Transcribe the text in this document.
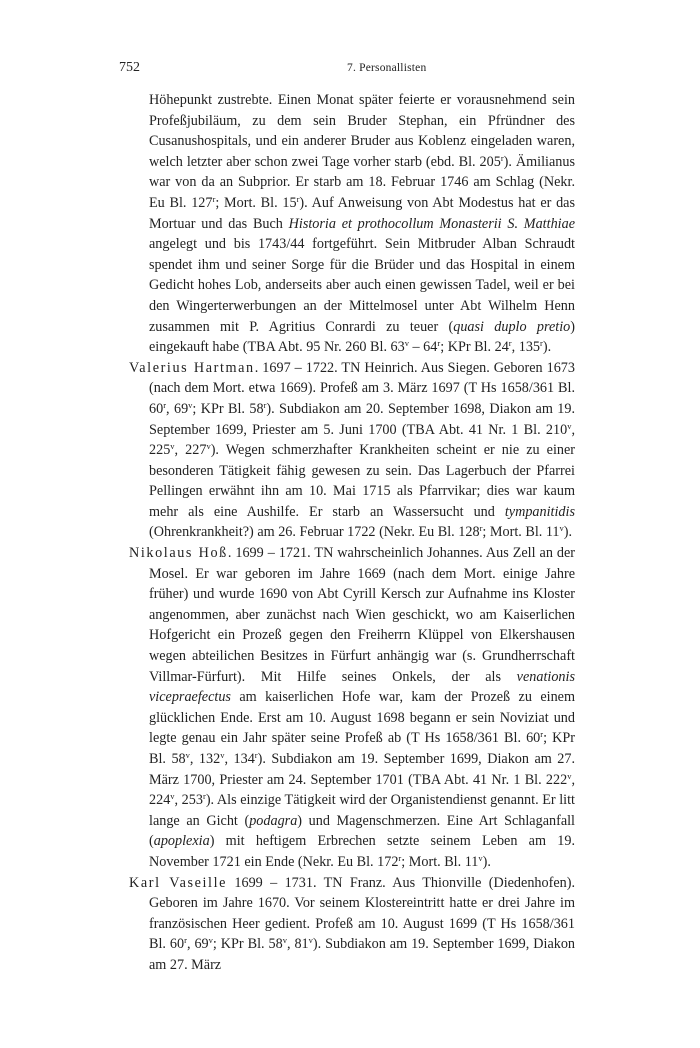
752	7. Personallisten

Höhepunkt zustrebte. Einen Monat später feierte er vorausnehmend sein Profeßjubiläum, zu dem sein Bruder Stephan, ein Pfründner des Cusanushospitals, und ein anderer Bruder aus Koblenz eingeladen waren, welch letzter aber schon zwei Tage vorher starb (ebd. Bl. 205$^r$). Ämilianus war von da an Subprior. Er starb am 18. Februar 1746 am Schlag (Nekr. Eu Bl. 127$^r$; Mort. Bl. 15$^r$). Auf Anweisung von Abt Modestus hat er das Mortuar und das Buch Historia et prothocollum Monasterii S. Matthiae angelegt und bis 1743/44 fortgeführt. Sein Mitbruder Alban Schraudt spendet ihm und seiner Sorge für die Brüder und das Hospital in einem Gedicht hohes Lob, anderseits aber auch einen gewissen Tadel, weil er bei den Wingerterwerbungen an der Mittelmosel unter Abt Wilhelm Henn zusammen mit P. Agritius Conrardi zu teuer (quasi duplo pretio) eingekauft habe (TBA Abt. 95 Nr. 260 Bl. 63$^v$ – 64$^r$; KPr Bl. 24$^r$, 135$^r$).

Valerius Hartman. 1697 – 1722. TN Heinrich. Aus Siegen. Geboren 1673 (nach dem Mort. etwa 1669). Profeß am 3. März 1697 (T Hs 1658/361 Bl. 60$^r$, 69$^v$; KPr Bl. 58$^r$). Subdiakon am 20. September 1698, Diakon am 19. September 1699, Priester am 5. Juni 1700 (TBA Abt. 41 Nr. 1 Bl. 210$^v$, 225$^v$, 227$^v$). Wegen schmerzhafter Krankheiten scheint er nie zu einer besonderen Tätigkeit fähig gewesen zu sein. Das Lagerbuch der Pfarrei Pellingen erwähnt ihn am 10. Mai 1715 als Pfarrvikar; dies war kaum mehr als eine Aushilfe. Er starb an Wassersucht und tympanitidis (Ohrenkrankheit?) am 26. Februar 1722 (Nekr. Eu Bl. 128$^r$; Mort. Bl. 11$^v$).

Nikolaus Hoß. 1699 – 1721. TN wahrscheinlich Johannes. Aus Zell an der Mosel. Er war geboren im Jahre 1669 (nach dem Mort. einige Jahre früher) und wurde 1690 von Abt Cyrill Kersch zur Aufnahme ins Kloster angenommen, aber zunächst nach Wien geschickt, wo am Kaiserlichen Hofgericht ein Prozeß gegen den Freiherrn Klüppel von Elkershausen wegen abteilichen Besitzes in Fürfurt anhängig war (s. Grundherrschaft Villmar-Fürfurt). Mit Hilfe seines Onkels, der als venationis vicepraefectus am kaiserlichen Hofe war, kam der Prozeß zu einem glücklichen Ende. Erst am 10. August 1698 begann er sein Noviziat und legte genau ein Jahr später seine Profeß ab (T Hs 1658/361 Bl. 60$^r$; KPr Bl. 58$^v$, 132$^v$, 134$^r$). Subdiakon am 19. September 1699, Diakon am 27. März 1700, Priester am 24. September 1701 (TBA Abt. 41 Nr. 1 Bl. 222$^v$, 224$^v$, 253$^r$). Als einzige Tätigkeit wird der Organistendienst genannt. Er litt lange an Gicht (podagra) und Magenschmerzen. Eine Art Schlaganfall (apoplexia) mit heftigem Erbrechen setzte seinem Leben am 19. November 1721 ein Ende (Nekr. Eu Bl. 172$^r$; Mort. Bl. 11$^v$).

Karl Vaseille 1699 – 1731. TN Franz. Aus Thionville (Diedenhofen). Geboren im Jahre 1670. Vor seinem Klostereintritt hatte er drei Jahre im französischen Heer gedient. Profeß am 10. August 1699 (T Hs 1658/361 Bl. 60$^r$, 69$^v$; KPr Bl. 58$^v$, 81$^v$). Subdiakon am 19. September 1699, Diakon am 27. März
